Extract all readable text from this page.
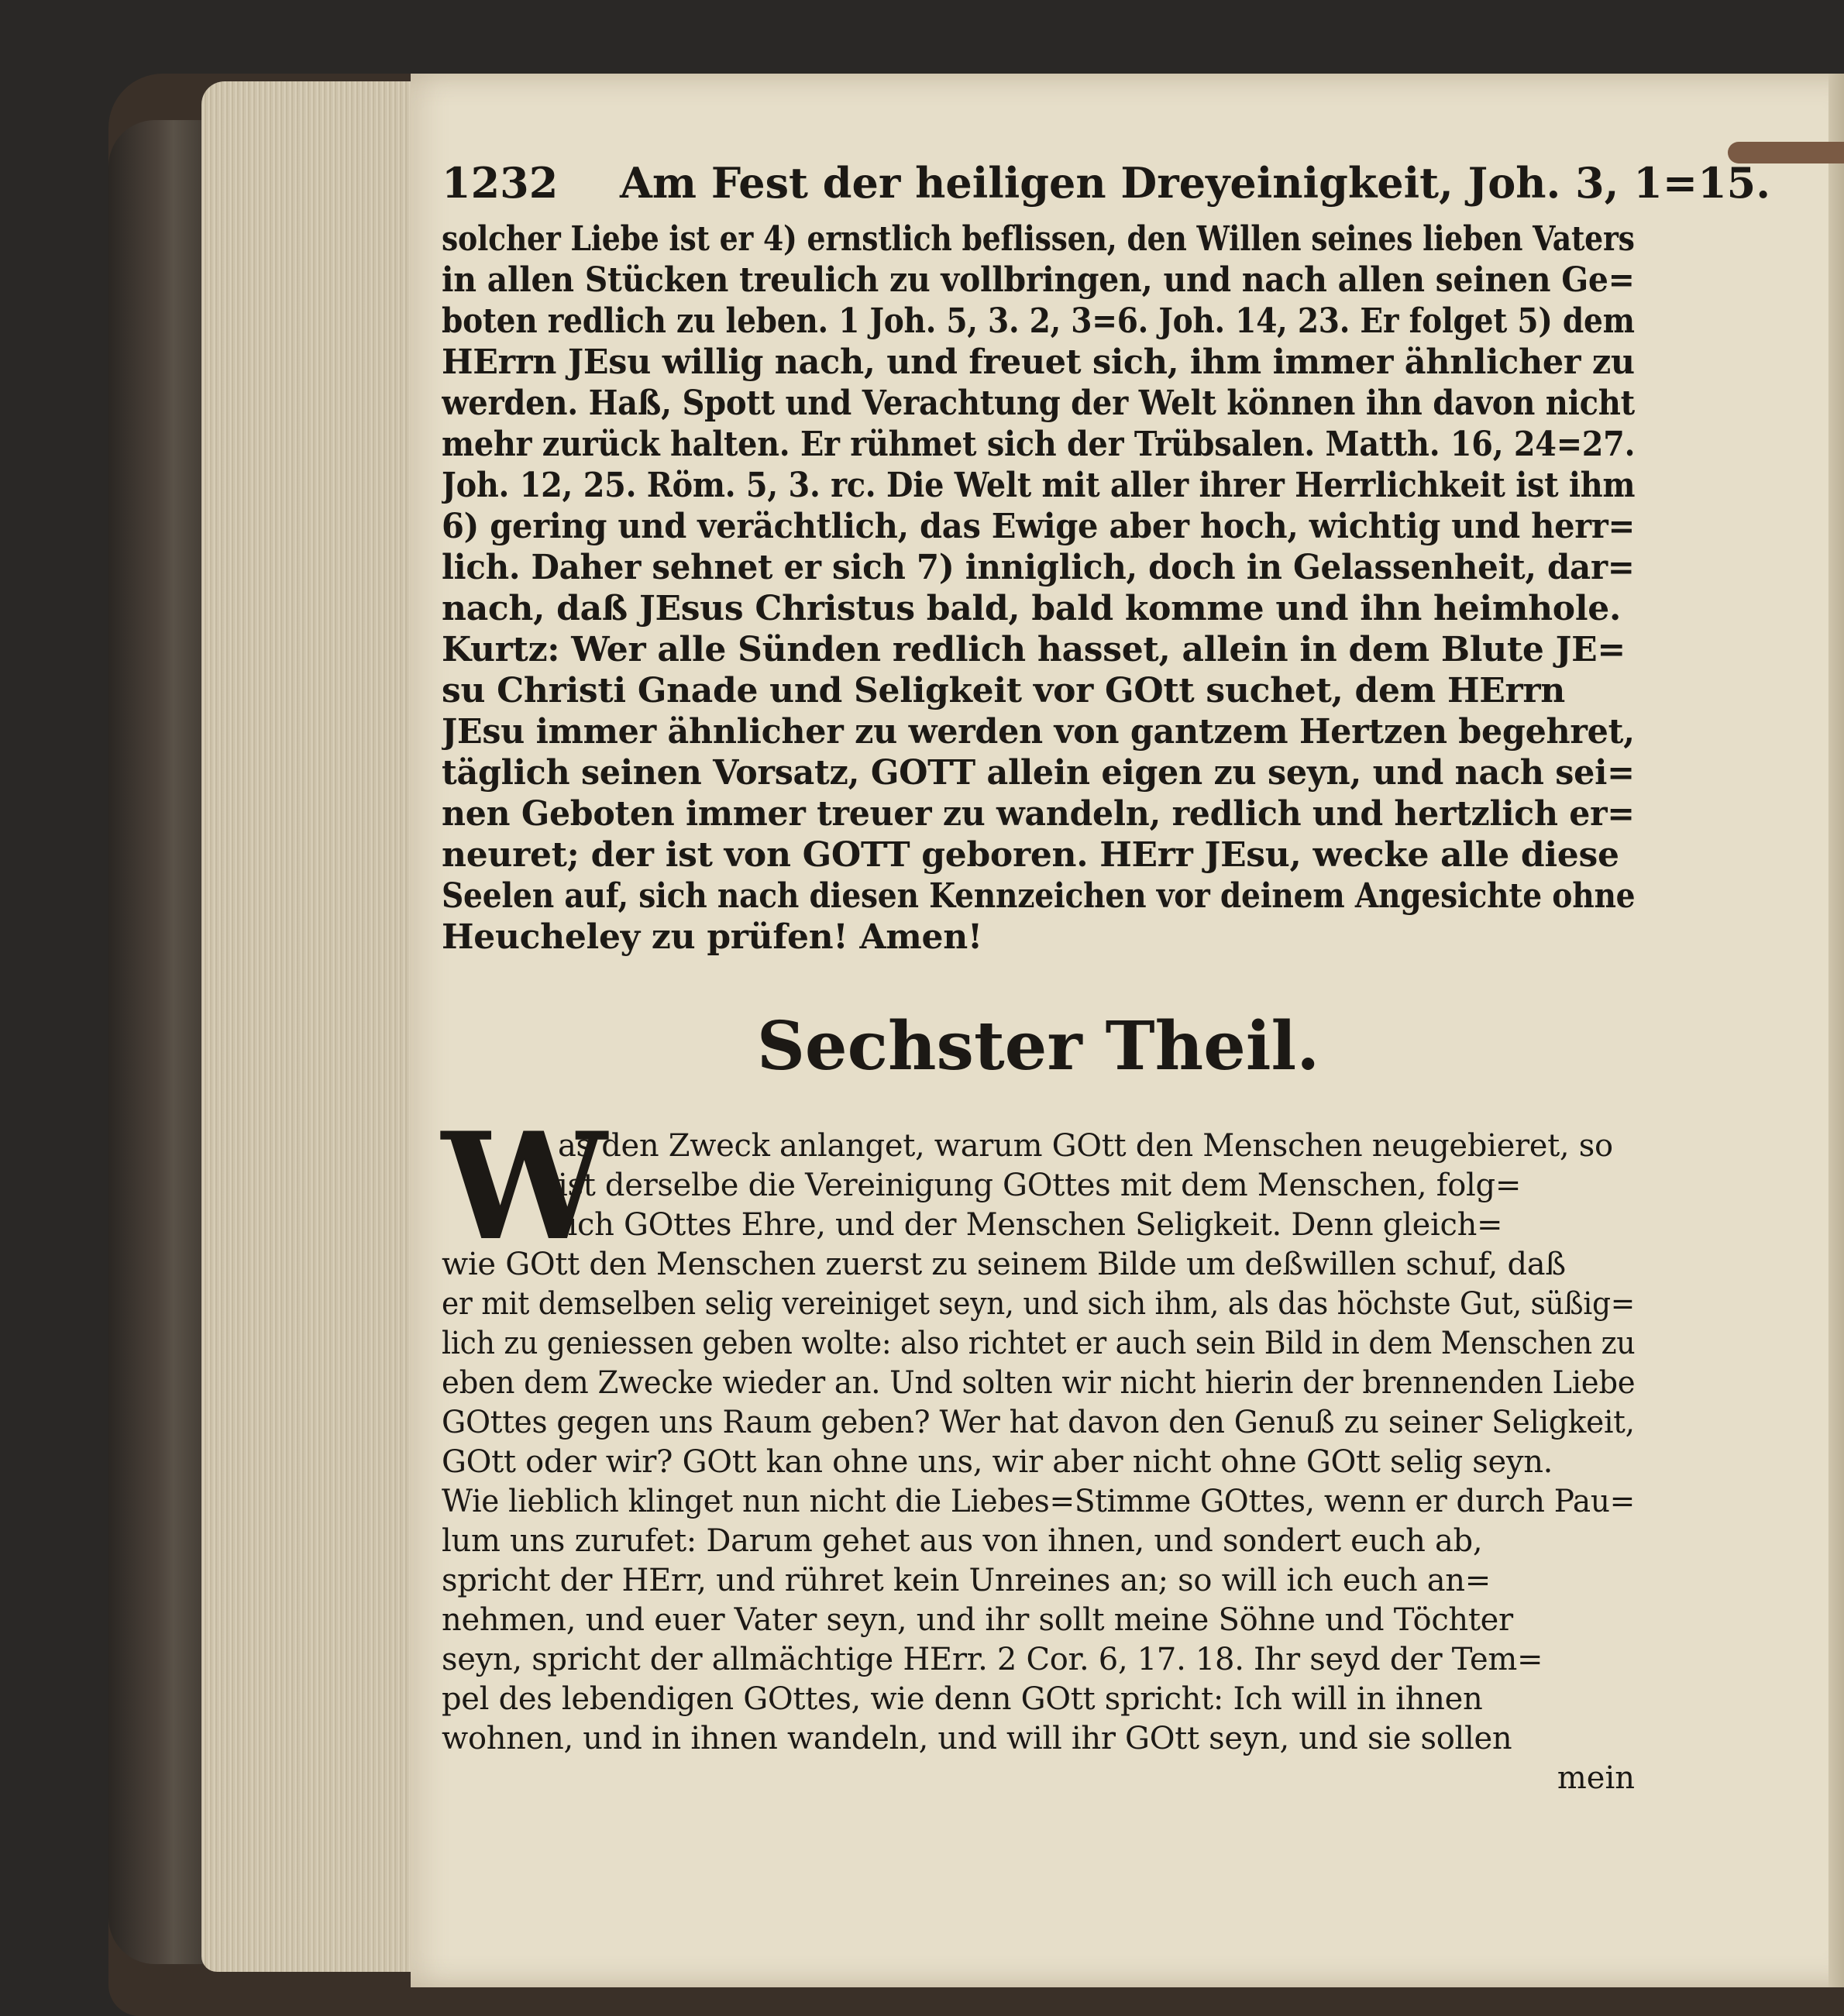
1232 Am Fest der heiligen Dreyeinigkeit, Joh. 3, 1=15.
solcher Liebe ist er 4) ernstlich beflissen, den Willen seines lieben Vaters
in allen Stücken treulich zu vollbringen, und nach allen seinen Ge=
boten redlich zu leben. 1 Joh. 5, 3. 2, 3=6. Joh. 14, 23. Er folget 5) dem
HErrn JEsu willig nach, und freuet sich, ihm immer ähnlicher zu
werden. Haß, Spott und Verachtung der Welt können ihn davon nicht
mehr zurück halten. Er rühmet sich der Trübsalen. Matth. 16, 24=27.
Joh. 12, 25. Röm. 5, 3. rc. Die Welt mit aller ihrer Herrlichkeit ist ihm
6) gering und verächtlich, das Ewige aber hoch, wichtig und herr=
lich. Daher sehnet er sich 7) inniglich, doch in Gelassenheit, dar=
nach, daß JEsus Christus bald, bald komme und ihn heimhole.
Kurtz: Wer alle Sünden redlich hasset, allein in dem Blute JE=
su Christi Gnade und Seligkeit vor GOtt suchet, dem HErrn
JEsu immer ähnlicher zu werden von gantzem Hertzen begehret,
täglich seinen Vorsatz, GOTT allein eigen zu seyn, und nach sei=
nen Geboten immer treuer zu wandeln, redlich und hertzlich er=
neuret; der ist von GOTT geboren. HErr JEsu, wecke alle diese
Seelen auf, sich nach diesen Kennzeichen vor deinem Angesichte ohne
Heucheley zu prüfen! Amen!
Sechster Theil.
W
as den Zweck anlanget, warum GOtt den Menschen neugebieret, so
ist derselbe die Vereinigung GOttes mit dem Menschen, folg=
lich GOttes Ehre, und der Menschen Seligkeit. Denn gleich=
wie GOtt den Menschen zuerst zu seinem Bilde um deßwillen schuf, daß
er mit demselben selig vereiniget seyn, und sich ihm, als das höchste Gut, süßig=
lich zu geniessen geben wolte: also richtet er auch sein Bild in dem Menschen zu
eben dem Zwecke wieder an. Und solten wir nicht hierin der brennenden Liebe
GOttes gegen uns Raum geben? Wer hat davon den Genuß zu seiner Seligkeit,
GOtt oder wir? GOtt kan ohne uns, wir aber nicht ohne GOtt selig seyn.
Wie lieblich klinget nun nicht die Liebes=Stimme GOttes, wenn er durch Pau=
lum uns zurufet: Darum gehet aus von ihnen, und sondert euch ab,
spricht der HErr, und rühret kein Unreines an; so will ich euch an=
nehmen, und euer Vater seyn, und ihr sollt meine Söhne und Töchter
seyn, spricht der allmächtige HErr. 2 Cor. 6, 17. 18. Ihr seyd der Tem=
pel des lebendigen GOttes, wie denn GOtt spricht: Ich will in ihnen
wohnen, und in ihnen wandeln, und will ihr GOtt seyn, und sie sollen
mein
